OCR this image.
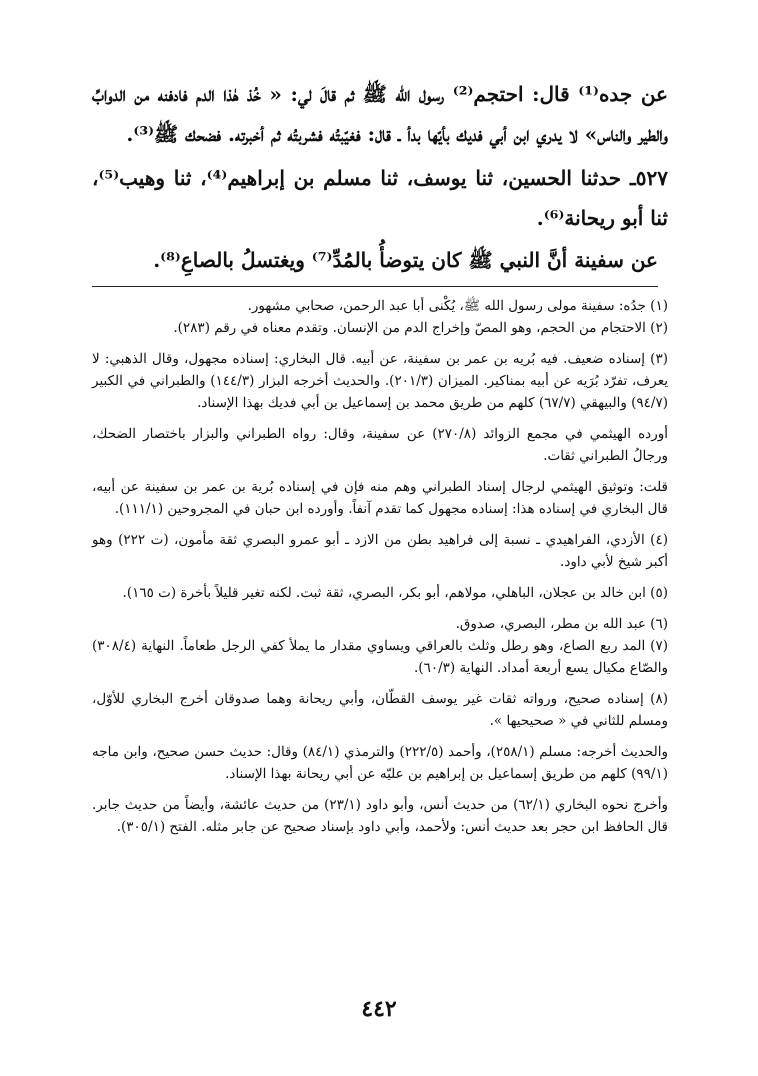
عن جده⁽¹⁾ قال: احتجم⁽²⁾ رسول الله ﷺ ثم قالَ لي: « خُذ هٰذا الدم فادفنه من الدوابِّ والطير والناس» لا يدري ابن أبي فديك بأيّها بدأ ـ قال: فغيّبتُه فشربتُه ثم أخبرته. فضحك ﷺ⁽³⁾.

٥٢٧ـ حدثنا الحسين، ثنا يوسف، ثنا مسلم بن إبراهيم⁽⁴⁾، ثنا وهيب⁽⁵⁾، ثنا أبو ريحانة⁽⁶⁾.

عن سفينة أنَّ النبي ﷺ كان يتوضأُ بالمُدِّ⁽⁷⁾ ويغتسلُ بالصاعِ⁽⁸⁾.

(١) جدُه: سفينة مولى رسول الله ﷺ، يُكْنى أبا عبد الرحمن، صحابي مشهور.

(٢) الاحتجام من الحجم، وهو المصّ وإخراج الدم من الإنسان. وتقدم معناه في رقم (٢٨٣).

(٣) إسناده ضعيف. فيه بُريه بن عمر بن سفينة، عن أبيه. قال البخاري: إسناده مجهول، وقال الذهبي: لا يعرف، تفرّد بُرَيه عن أبيه بمناكير. الميزان (٢٠١/٣). والحديث أخرجه البزار (١٤٤/٣) والطبراني في الكبير (٩٤/٧) والبيهقي (٦٧/٧) كلهم من طريق محمد بن إسماعيل بن أبي فديك بهذا الإسناد.

أورده الهيثمي في مجمع الزوائد (٢٧٠/٨) عن سفينة، وقال: رواه الطبراني والبزار باختصار الضحك، ورجالُ الطبراني ثقات.

قلت: وتوثيق الهيثمي لرجال إسناد الطبراني وهم منه فإن في إسناده بُرية بن عمر بن سفينة عن أبيه، قال البخاري في إسناده هذا: إسناده مجهول كما تقدم آنفاً. وأورده ابن حبان في المجروحين (١١١/١).

(٤) الأزدي، الفراهيدي ـ نسبة إلى فراهيد بطن من الازد ـ أبو عمرو البصري ثقة مأمون، (ت ٢٢٢) وهو أكبر شيخ لأبي داود.

(٥) ابن خالد بن عجلان، الباهلي، مولاهم، أبو بكر، البصري، ثقة ثبت. لكنه تغير قليلاً بأخرة (ت ١٦٥).

(٦) عبد الله بن مطر، البصري، صدوق.

(٧) المد ربع الصاع، وهو رطل وثلث بالعراقي ويساوي مقدار ما يملأ كفي الرجل طعاماً. النهاية (٣٠٨/٤) والصّاع مكيال يسع أربعة أمداد. النهاية (٦٠/٣).

(٨) إسناده صحيح، ورواته ثقات غير يوسف القطّان، وأبي ريحانة وهما صدوقان أخرج البخاري للأوّل، ومسلم للثاني في « صحيحيها ».

والحديث أخرجه: مسلم (٢٥٨/١)، وأحمد (٢٢٢/٥) والترمذي (٨٤/١) وقال: حديث حسن صحيح، وابن ماجه (٩٩/١) كلهم من طريق إسماعيل بن إبراهيم بن عليّه عن أبي ريحانة بهذا الإسناد.

وأخرج نحوه البخاري (٦٢/١) من حديث أنس، وأبو داود (٢٣/١) من حديث عائشة، وأيضاً من حديث جابر. قال الحافظ ابن حجر بعد حديث أنس: ولأحمد، وأبي داود بإسناد صحيح عن جابر مثله. الفتح (٣٠٥/١).

٤٤٢
